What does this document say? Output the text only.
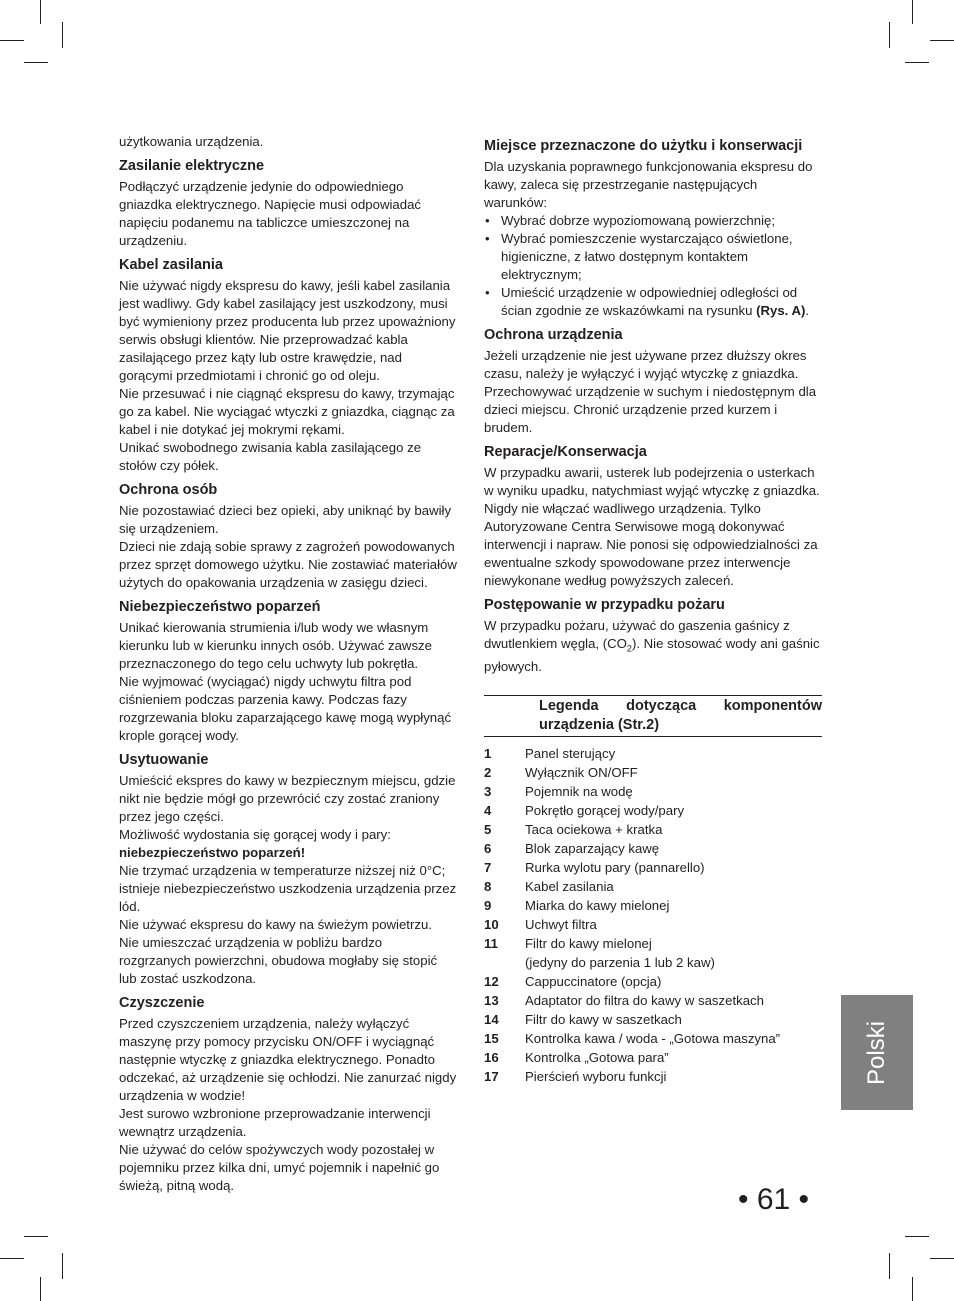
użytkowania urządzenia.

Zasilanie elektryczne

Podłączyć urządzenie jedynie do odpowiedniego gniazdka elektrycznego. Napięcie musi odpowiadać napięciu podanemu na tabliczce umieszczonej na urządzeniu.

Kabel zasilania

Nie używać nigdy ekspresu do kawy, jeśli kabel zasilania jest wadliwy. Gdy kabel zasilający jest uszkodzony, musi być wymieniony przez producenta lub przez upoważniony serwis obsługi klientów. Nie przeprowadzać kabla zasilającego przez kąty lub ostre krawędzie, nad gorącymi przedmiotami i chronić go od oleju.

Nie przesuwać i nie ciągnąć ekspresu do kawy, trzymając go za kabel. Nie wyciągać wtyczki z gniazdka, ciągnąc za kabel i nie dotykać jej mokrymi rękami.

Unikać swobodnego zwisania kabla zasilającego ze stołów czy półek.

Ochrona osób

Nie pozostawiać dzieci bez opieki, aby uniknąć by bawiły się urządzeniem.

Dzieci nie zdają sobie sprawy z zagrożeń powodowanych przez sprzęt domowego użytku. Nie zostawiać materiałów użytych do opakowania urządzenia w zasięgu dzieci.

Niebezpieczeństwo poparzeń

Unikać kierowania strumienia i/lub wody we własnym kierunku lub w kierunku innych osób. Używać zawsze przeznaczonego do tego celu uchwyty lub pokrętła.

Nie wyjmować (wyciągać) nigdy uchwytu filtra pod ciśnieniem podczas parzenia kawy. Podczas fazy rozgrzewania bloku zaparzającego kawę mogą wypłynąć krople gorącej wody.

Usytuowanie

Umieścić ekspres do kawy w bezpiecznym miejscu, gdzie nikt nie będzie mógł go przewrócić czy zostać zraniony przez jego części.

Możliwość wydostania się gorącej wody i pary: niebezpieczeństwo poparzeń!

Nie trzymać urządzenia w temperaturze niższej niż 0°C; istnieje niebezpieczeństwo uszkodzenia urządzenia przez lód.

Nie używać ekspresu do kawy na świeżym powietrzu.

Nie umieszczać urządzenia w pobliżu bardzo rozgrzanych powierzchni, obudowa mogłaby się stopić lub zostać uszkodzona.

Czyszczenie

Przed czyszczeniem urządzenia, należy wyłączyć maszynę przy pomocy przycisku ON/OFF i wyciągnąć następnie wtyczkę z gniazdka elektrycznego. Ponadto odczekać, aż urządzenie się ochłodzi. Nie zanurzać nigdy urządzenia w wodzie!

Jest surowo wzbronione przeprowadzanie interwencji wewnątrz urządzenia.

Nie używać do celów spożywczych wody pozostałej w pojemniku przez kilka dni, umyć pojemnik i napełnić go świeżą, pitną wodą.

Miejsce przeznaczone do użytku i konserwacji

Dla uzyskania poprawnego funkcjonowania ekspresu do kawy, zaleca się przestrzeganie następujących warunków:

• Wybrać dobrze wypoziomowaną powierzchnię;
• Wybrać pomieszczenie wystarczająco oświetlone, higieniczne, z łatwo dostępnym kontaktem elektrycznym;
• Umieścić urządzenie w odpowiedniej odległości od ścian zgodnie ze wskazówkami na rysunku (Rys. A).
Ochrona urządzenia

Jeżeli urządzenie nie jest używane przez dłuższy okres czasu, należy je wyłączyć i wyjąć wtyczkę z gniazdka. Przechowywać urządzenie w suchym i niedostępnym dla dzieci miejscu. Chronić urządzenie przed kurzem i brudem.

Reparacje/Konserwacja

W przypadku awarii, usterek lub podejrzenia o usterkach w wyniku upadku, natychmiast wyjąć wtyczkę z gniazdka. Nigdy nie włączać wadliwego urządzenia. Tylko Autoryzowane Centra Serwisowe mogą dokonywać interwencji i napraw. Nie ponosi się odpowiedzialności za ewentualne szkody spowodowane przez interwencje niewykonane według powyższych zaleceń.

Postępowanie w przypadku pożaru

W przypadku pożaru, używać do gaszenia gaśnicy z dwutlenkiem węgla, $(CO_2)$. Nie stosować wody ani gaśnic pyłowych.

Legenda dotycząca komponentów urządzenia (Str.2)
1	Panel sterujący
2	Wyłącznik ON/OFF
3	Pojemnik na wodę
4	Pokrętło gorącej wody/pary
5	Taca ociekowa + kratka
6	Blok zaparzający kawę
7	Rurka wylotu pary (pannarello)
8	Kabel zasilania
9	Miarka do kawy mielonej
10	Uchwyt filtra
11	Filtr do kawy mielonej
(jedyny do parzenia 1 lub 2 kaw)
12	Cappuccinatore (opcja)
13	Adaptator do filtra do kawy w saszetkach
14	Filtr do kawy w saszetkach
15	Kontrolka kawa / woda - „Gotowa maszyna”
16	Kontrolka „Gotowa para”
17	Pierścień wyboru funkcji	Polski
• 61 •
